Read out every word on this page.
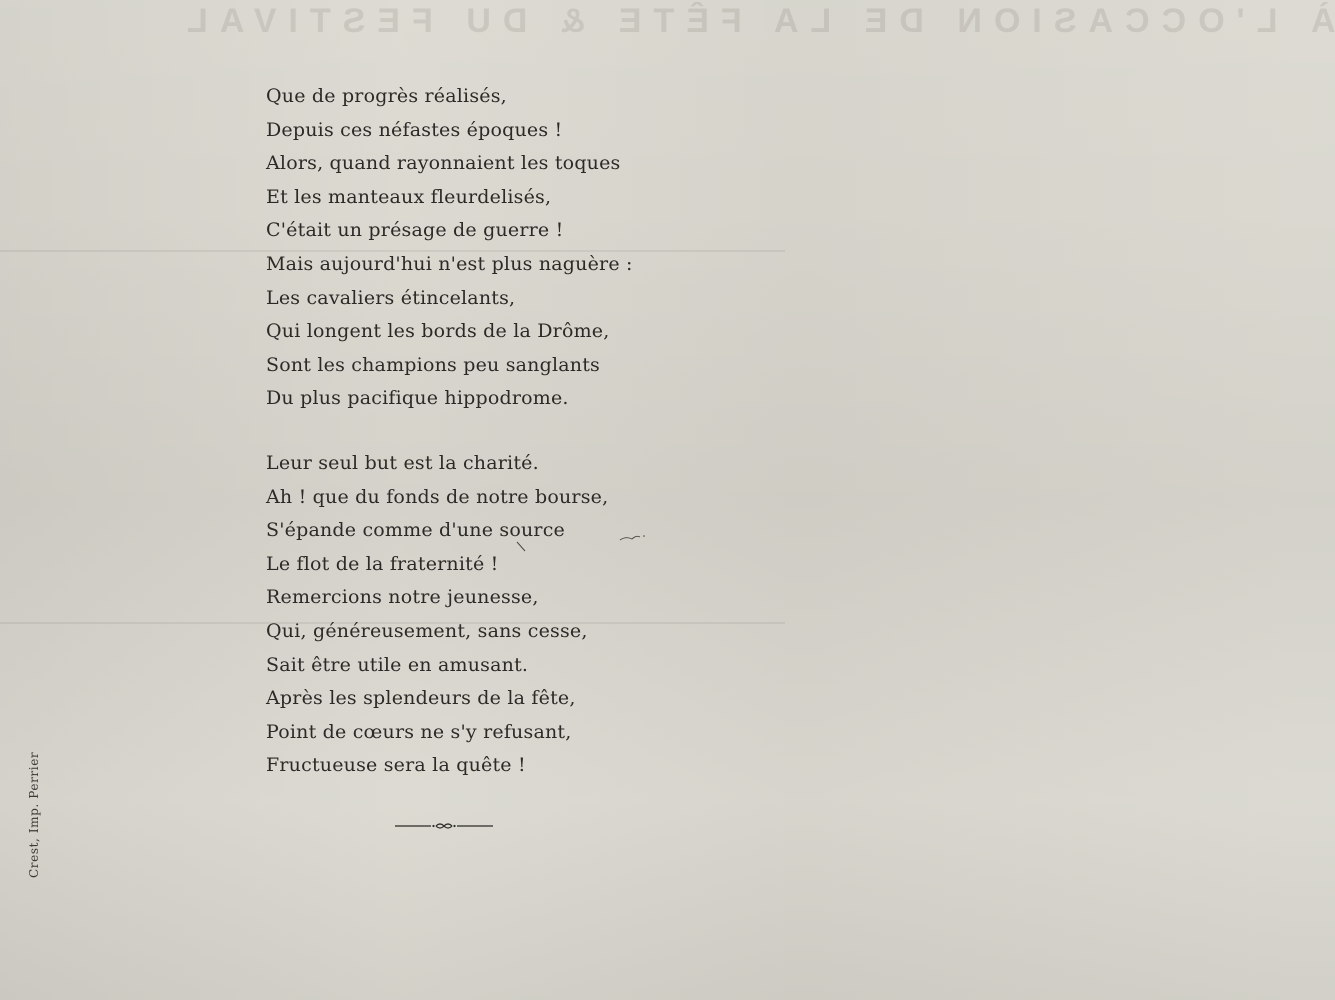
À L'OCCASION DE LA FÊTE & DU FESTIVAL
Que de progrès réalisés,
Depuis ces néfastes époques !
Alors, quand rayonnaient les toques
Et les manteaux fleurdelisés,
C'était un présage de guerre !
Mais aujourd'hui n'est plus naguère :
Les cavaliers étincelants,
Qui longent les bords de la Drôme,
Sont les champions peu sanglants
Du plus pacifique hippodrome.
Leur seul but est la charité.
Ah ! que du fonds de notre bourse,
S'épande comme d'une source
Le flot de la fraternité !
Remercions notre jeunesse,
Qui, généreusement, sans cesse,
Sait être utile en amusant.
Après les splendeurs de la fête,
Point de cœurs ne s'y refusant,
Fructueuse sera la quête !
Crest, Imp. Perrier
